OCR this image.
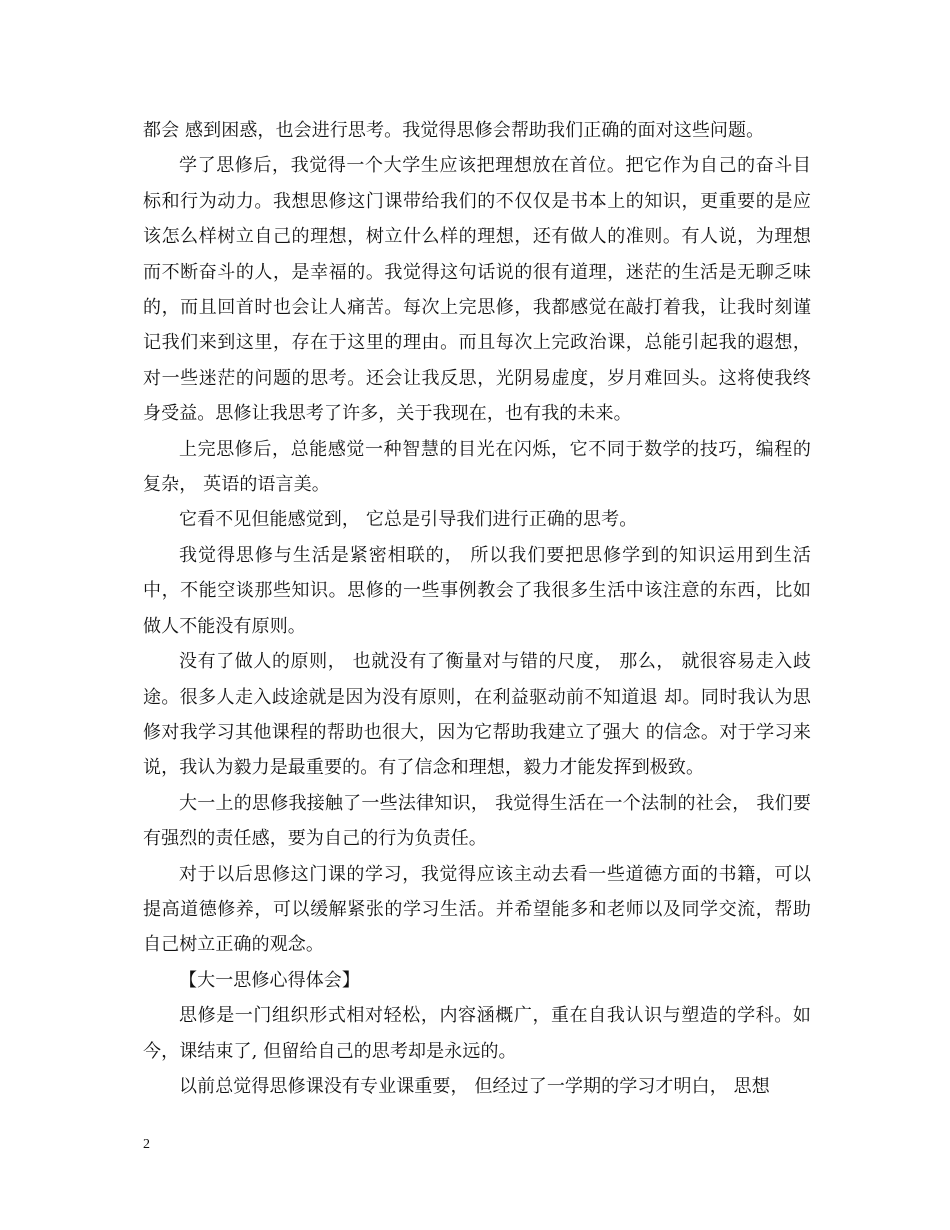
都会 感到困惑，也会进行思考。我觉得思修会帮助我们正确的面对这些问题。

学了思修后，我觉得一个大学生应该把理想放在首位。把它作为自己的奋斗目标和行为动力。我想思修这门课带给我们的不仅仅是书本上的知识，更重要的是应该怎么样树立自己的理想，树立什么样的理想，还有做人的准则。有人说，为理想而不断奋斗的人，是幸福的。我觉得这句话说的很有道理，迷茫的生活是无聊乏味的，而且回首时也会让人痛苦。每次上完思修，我都感觉在敲打着我，让我时刻谨记我们来到这里，存在于这里的理由。而且每次上完政治课，总能引起我的遐想，对一些迷茫的问题的思考。还会让我反思，光阴易虚度，岁月难回头。这将使我终身受益。思修让我思考了许多，关于我现在，也有我的未来。

上完思修后，总能感觉一种智慧的目光在闪烁，它不同于数学的技巧，编程的复杂， 英语的语言美。

它看不见但能感觉到， 它总是引导我们进行正确的思考。

我觉得思修与生活是紧密相联的， 所以我们要把思修学到的知识运用到生活中，不能空谈那些知识。思修的一些事例教会了我很多生活中该注意的东西，比如做人不能没有原则。

没有了做人的原则， 也就没有了衡量对与错的尺度， 那么， 就很容易走入歧途。很多人走入歧途就是因为没有原则，在利益驱动前不知道退 却。同时我认为思修对我学习其他课程的帮助也很大，因为它帮助我建立了强大 的信念。对于学习来说，我认为毅力是最重要的。有了信念和理想，毅力才能发挥到极致。

大一上的思修我接触了一些法律知识， 我觉得生活在一个法制的社会， 我们要有强烈的责任感，要为自己的行为负责任。

对于以后思修这门课的学习，我觉得应该主动去看一些道德方面的书籍，可以提高道德修养，可以缓解紧张的学习生活。并希望能多和老师以及同学交流，帮助自己树立正确的观念。

【大一思修心得体会】

思修是一门组织形式相对轻松，内容涵概广，重在自我认识与塑造的学科。如今，课结束了, 但留给自己的思考却是永远的。

以前总觉得思修课没有专业课重要， 但经过了一学期的学习才明白， 思想

2
